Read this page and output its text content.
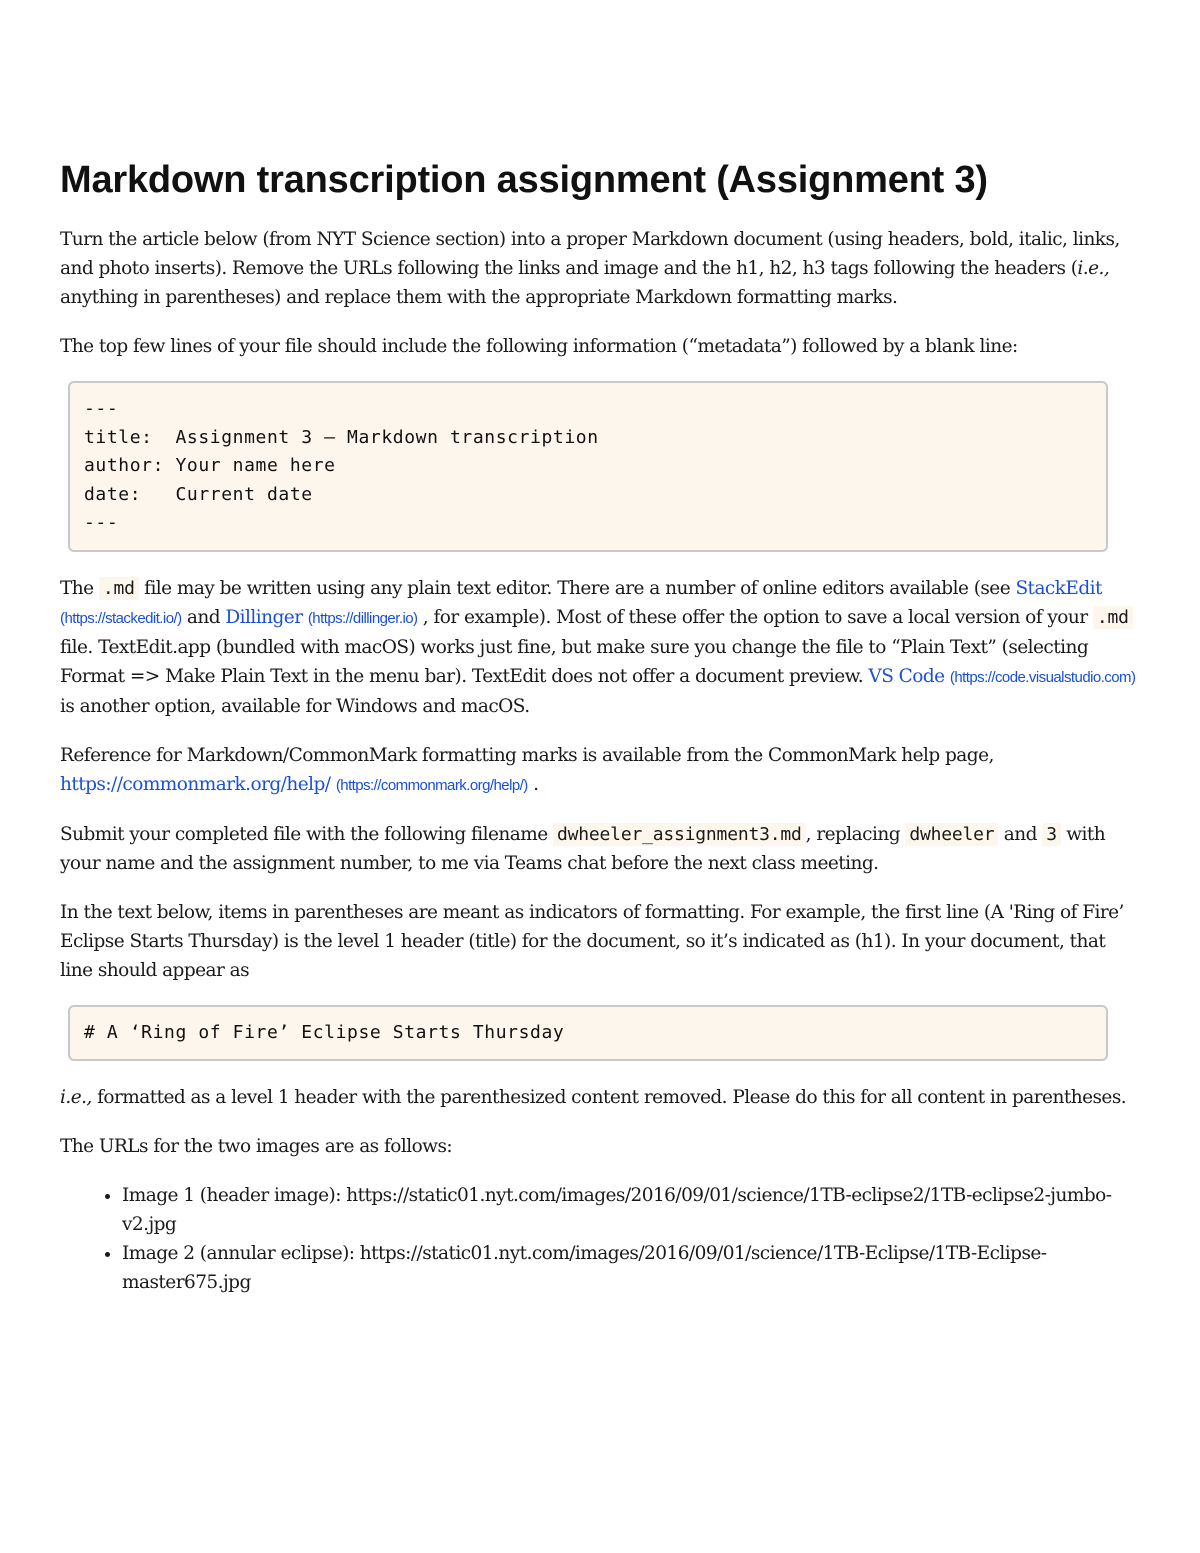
Markdown transcription assignment (Assignment 3)

Turn the article below (from NYT Science section) into a proper Markdown document (using headers, bold, italic, links, and photo inserts). Remove the URLs following the links and image and the h1, h2, h3 tags following the headers (i.e., anything in parentheses) and replace them with the appropriate Markdown formatting marks.

The top few lines of your file should include the following information (“metadata”) followed by a blank line:

---
title:  Assignment 3 – Markdown transcription
author: Your name here
date:   Current date
---

The .md file may be written using any plain text editor. There are a number of online editors available (see StackEdit (https://stackedit.io/) and Dillinger (https://dillinger.io) , for example). Most of these offer the option to save a local version of your .md file. TextEdit.app (bundled with macOS) works just fine, but make sure you change the file to “Plain Text” (selecting Format => Make Plain Text in the menu bar). TextEdit does not offer a document preview. VS Code (https://code.visualstudio.com) is another option, available for Windows and macOS.

Reference for Markdown/CommonMark formatting marks is available from the CommonMark help page,
https://commonmark.org/help/ (https://commonmark.org/help/) .

Submit your completed file with the following filename dwheeler_assignment3.md , replacing dwheeler and 3 with your name and the assignment number, to me via Teams chat before the next class meeting.

In the text below, items in parentheses are meant as indicators of formatting. For example, the first line (A 'Ring of Fire’ Eclipse Starts Thursday) is the level 1 header (title) for the document, so it’s indicated as (h1). In your document, that line should appear as

# A ‘Ring of Fire’ Eclipse Starts Thursday

i.e., formatted as a level 1 header with the parenthesized content removed. Please do this for all content in parentheses.

The URLs for the two images are as follows:

• Image 1 (header image): https://static01.nyt.com/images/2016/09/01/science/1TB-eclipse2/1TB-eclipse2-jumbo-v2.jpg
• Image 2 (annular eclipse): https://static01.nyt.com/images/2016/09/01/science/1TB-Eclipse/1TB-Eclipse-master675.jpg
